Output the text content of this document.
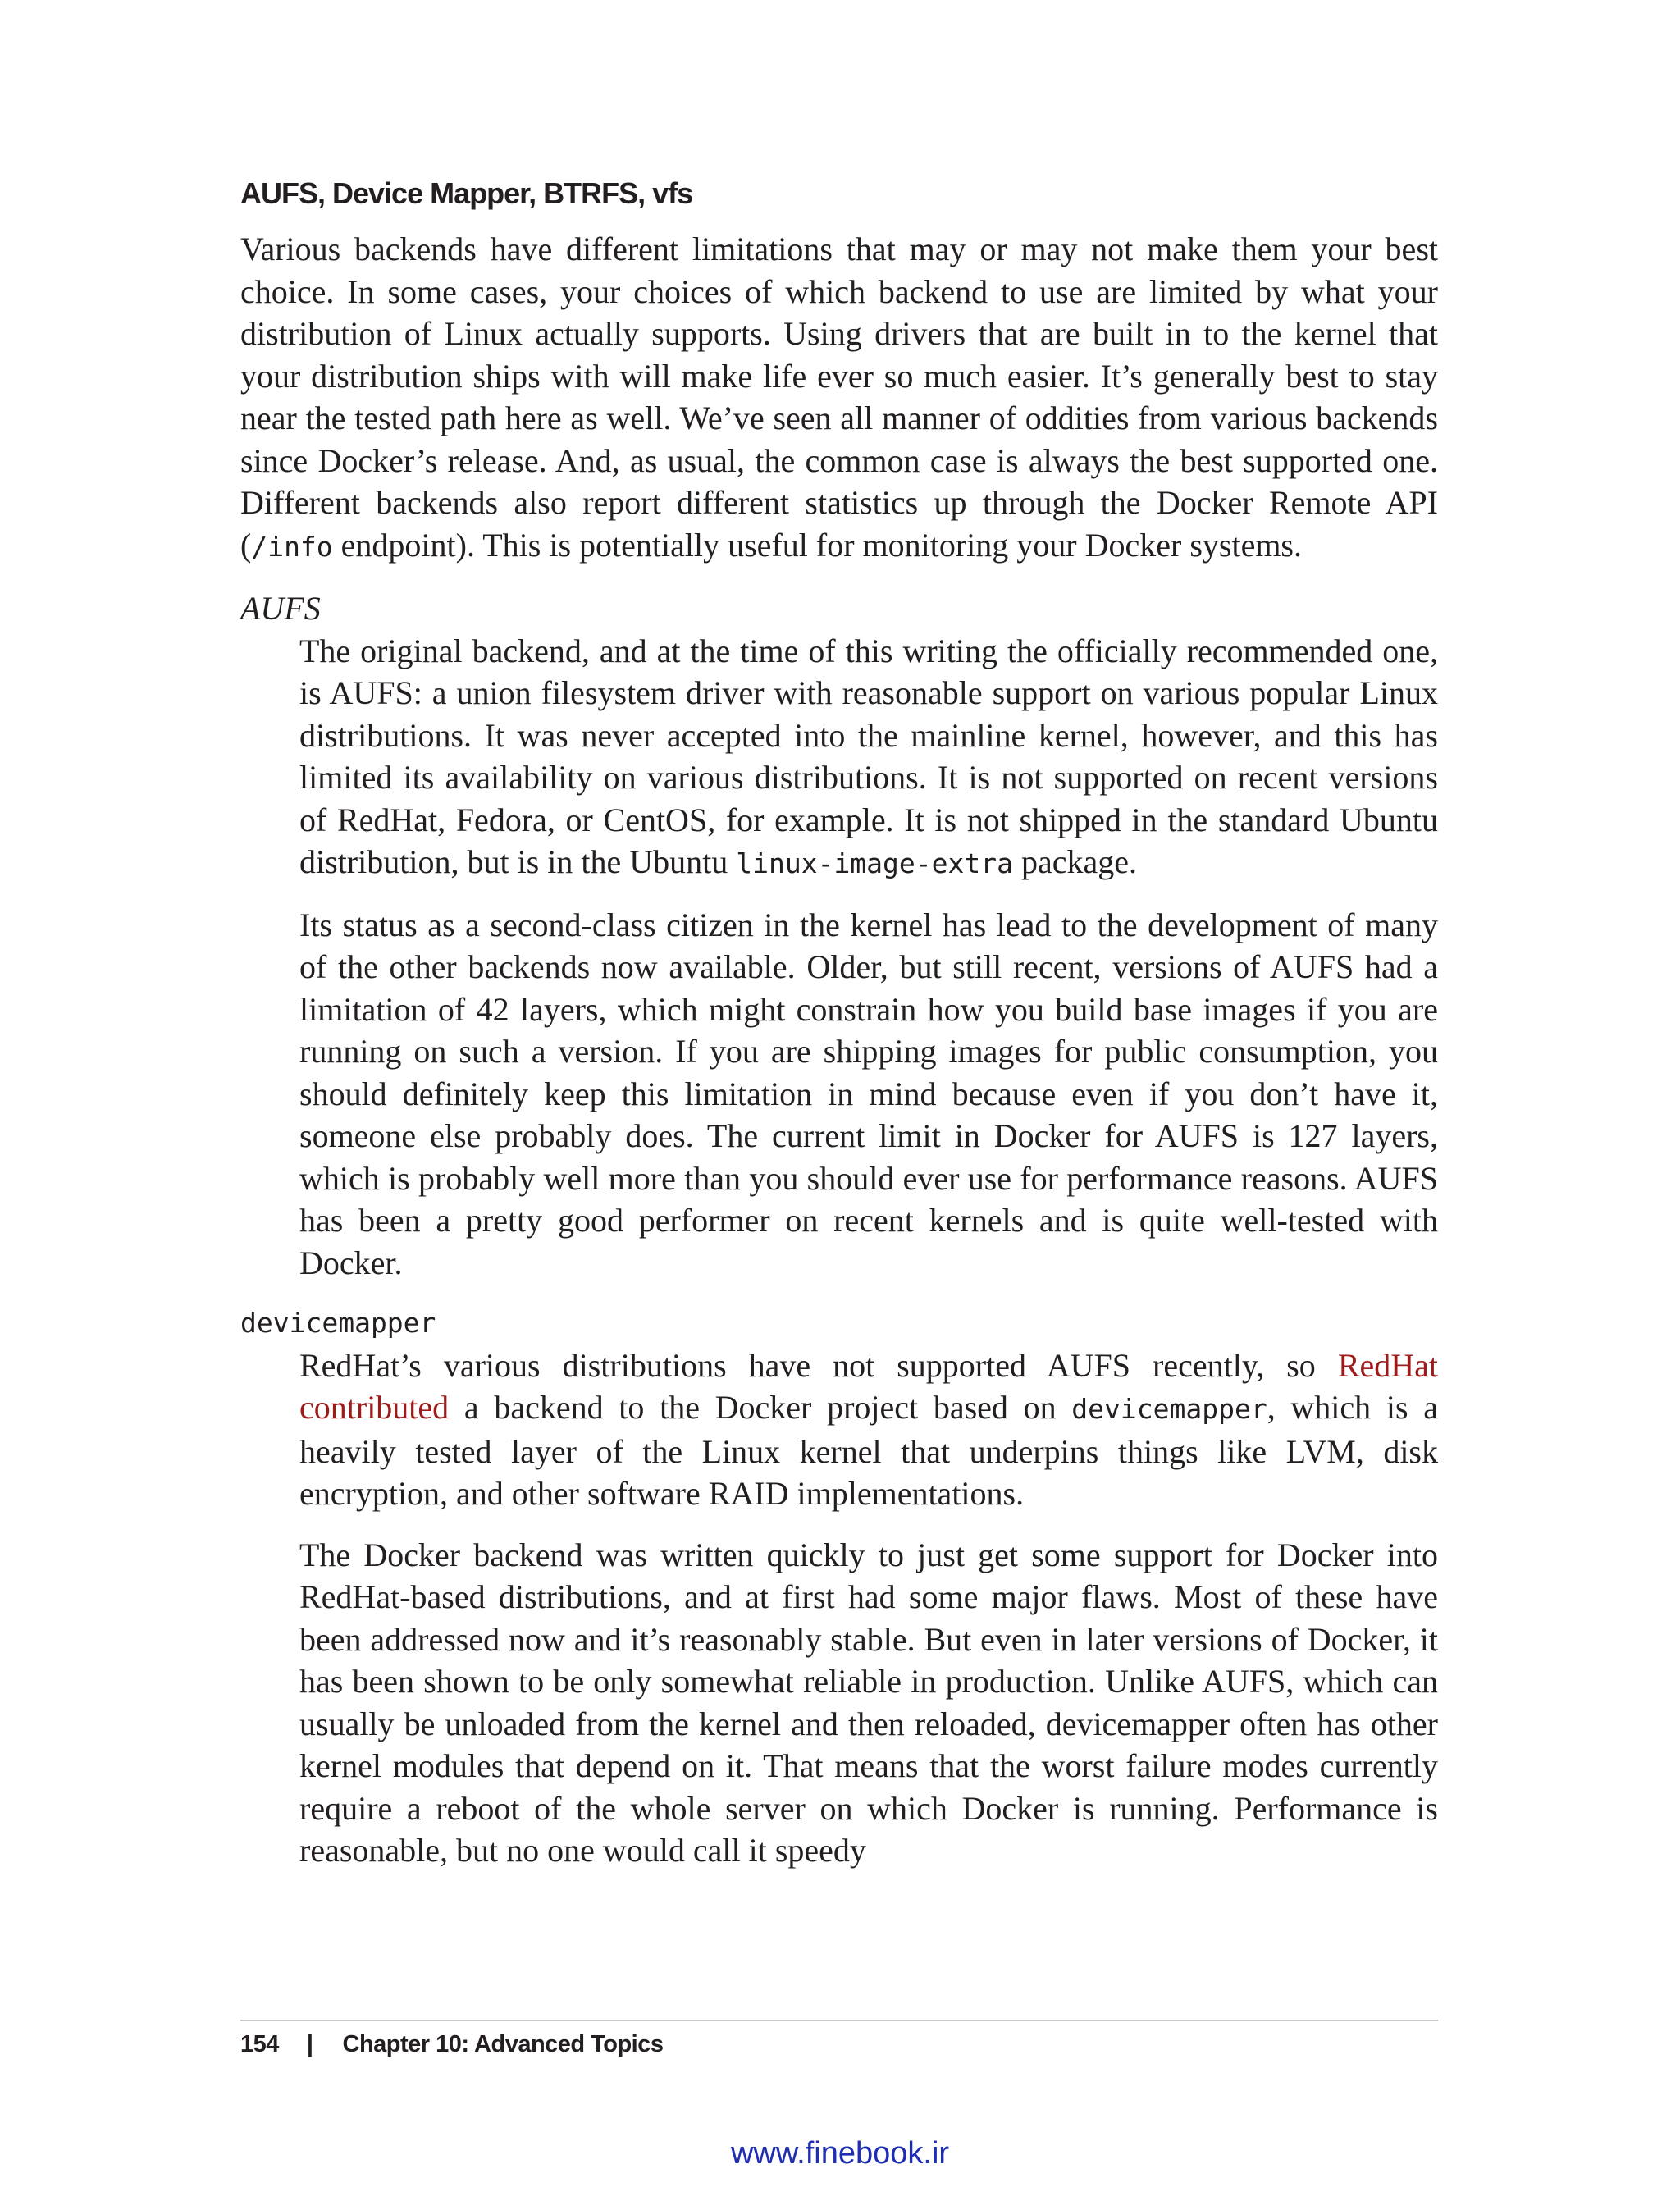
AUFS, Device Mapper, BTRFS, vfs

Various backends have different limitations that may or may not make them your best choice. In some cases, your choices of which backend to use are limited by what your distribution of Linux actually supports. Using drivers that are built in to the kernel that your distribution ships with will make life ever so much easier. It’s generally best to stay near the tested path here as well. We’ve seen all manner of oddities from various backends since Docker’s release. And, as usual, the common case is always the best supported one. Different backends also report different statistics up through the Docker Remote API (/info endpoint). This is potentially useful for monitoring your Docker systems.

AUFS

The original backend, and at the time of this writing the officially recommended one, is AUFS: a union filesystem driver with reasonable support on various popular Linux distributions. It was never accepted into the mainline kernel, however, and this has limited its availability on various distributions. It is not supported on recent versions of RedHat, Fedora, or CentOS, for example. It is not shipped in the standard Ubuntu distribution, but is in the Ubuntu linux-image-extra package.

Its status as a second-class citizen in the kernel has lead to the development of many of the other backends now available. Older, but still recent, versions of AUFS had a limitation of 42 layers, which might constrain how you build base images if you are running on such a version. If you are shipping images for public consumption, you should definitely keep this limitation in mind because even if you don’t have it, someone else probably does. The current limit in Docker for AUFS is 127 layers, which is probably well more than you should ever use for performance reasons. AUFS has been a pretty good performer on recent kernels and is quite well-tested with Docker.

devicemapper

RedHat’s various distributions have not supported AUFS recently, so RedHat contributed a backend to the Docker project based on devicemapper, which is a heavily tested layer of the Linux kernel that underpins things like LVM, disk encryption, and other software RAID implementations.

The Docker backend was written quickly to just get some support for Docker into RedHat-based distributions, and at first had some major flaws. Most of these have been addressed now and it’s reasonably stable. But even in later versions of Docker, it has been shown to be only somewhat reliable in production. Unlike AUFS, which can usually be unloaded from the kernel and then reloaded, devicemapper often has other kernel modules that depend on it. That means that the worst failure modes currently require a reboot of the whole server on which Docker is running. Performance is reasonable, but no one would call it speedy

154 | Chapter 10: Advanced Topics
www.finebook.ir
